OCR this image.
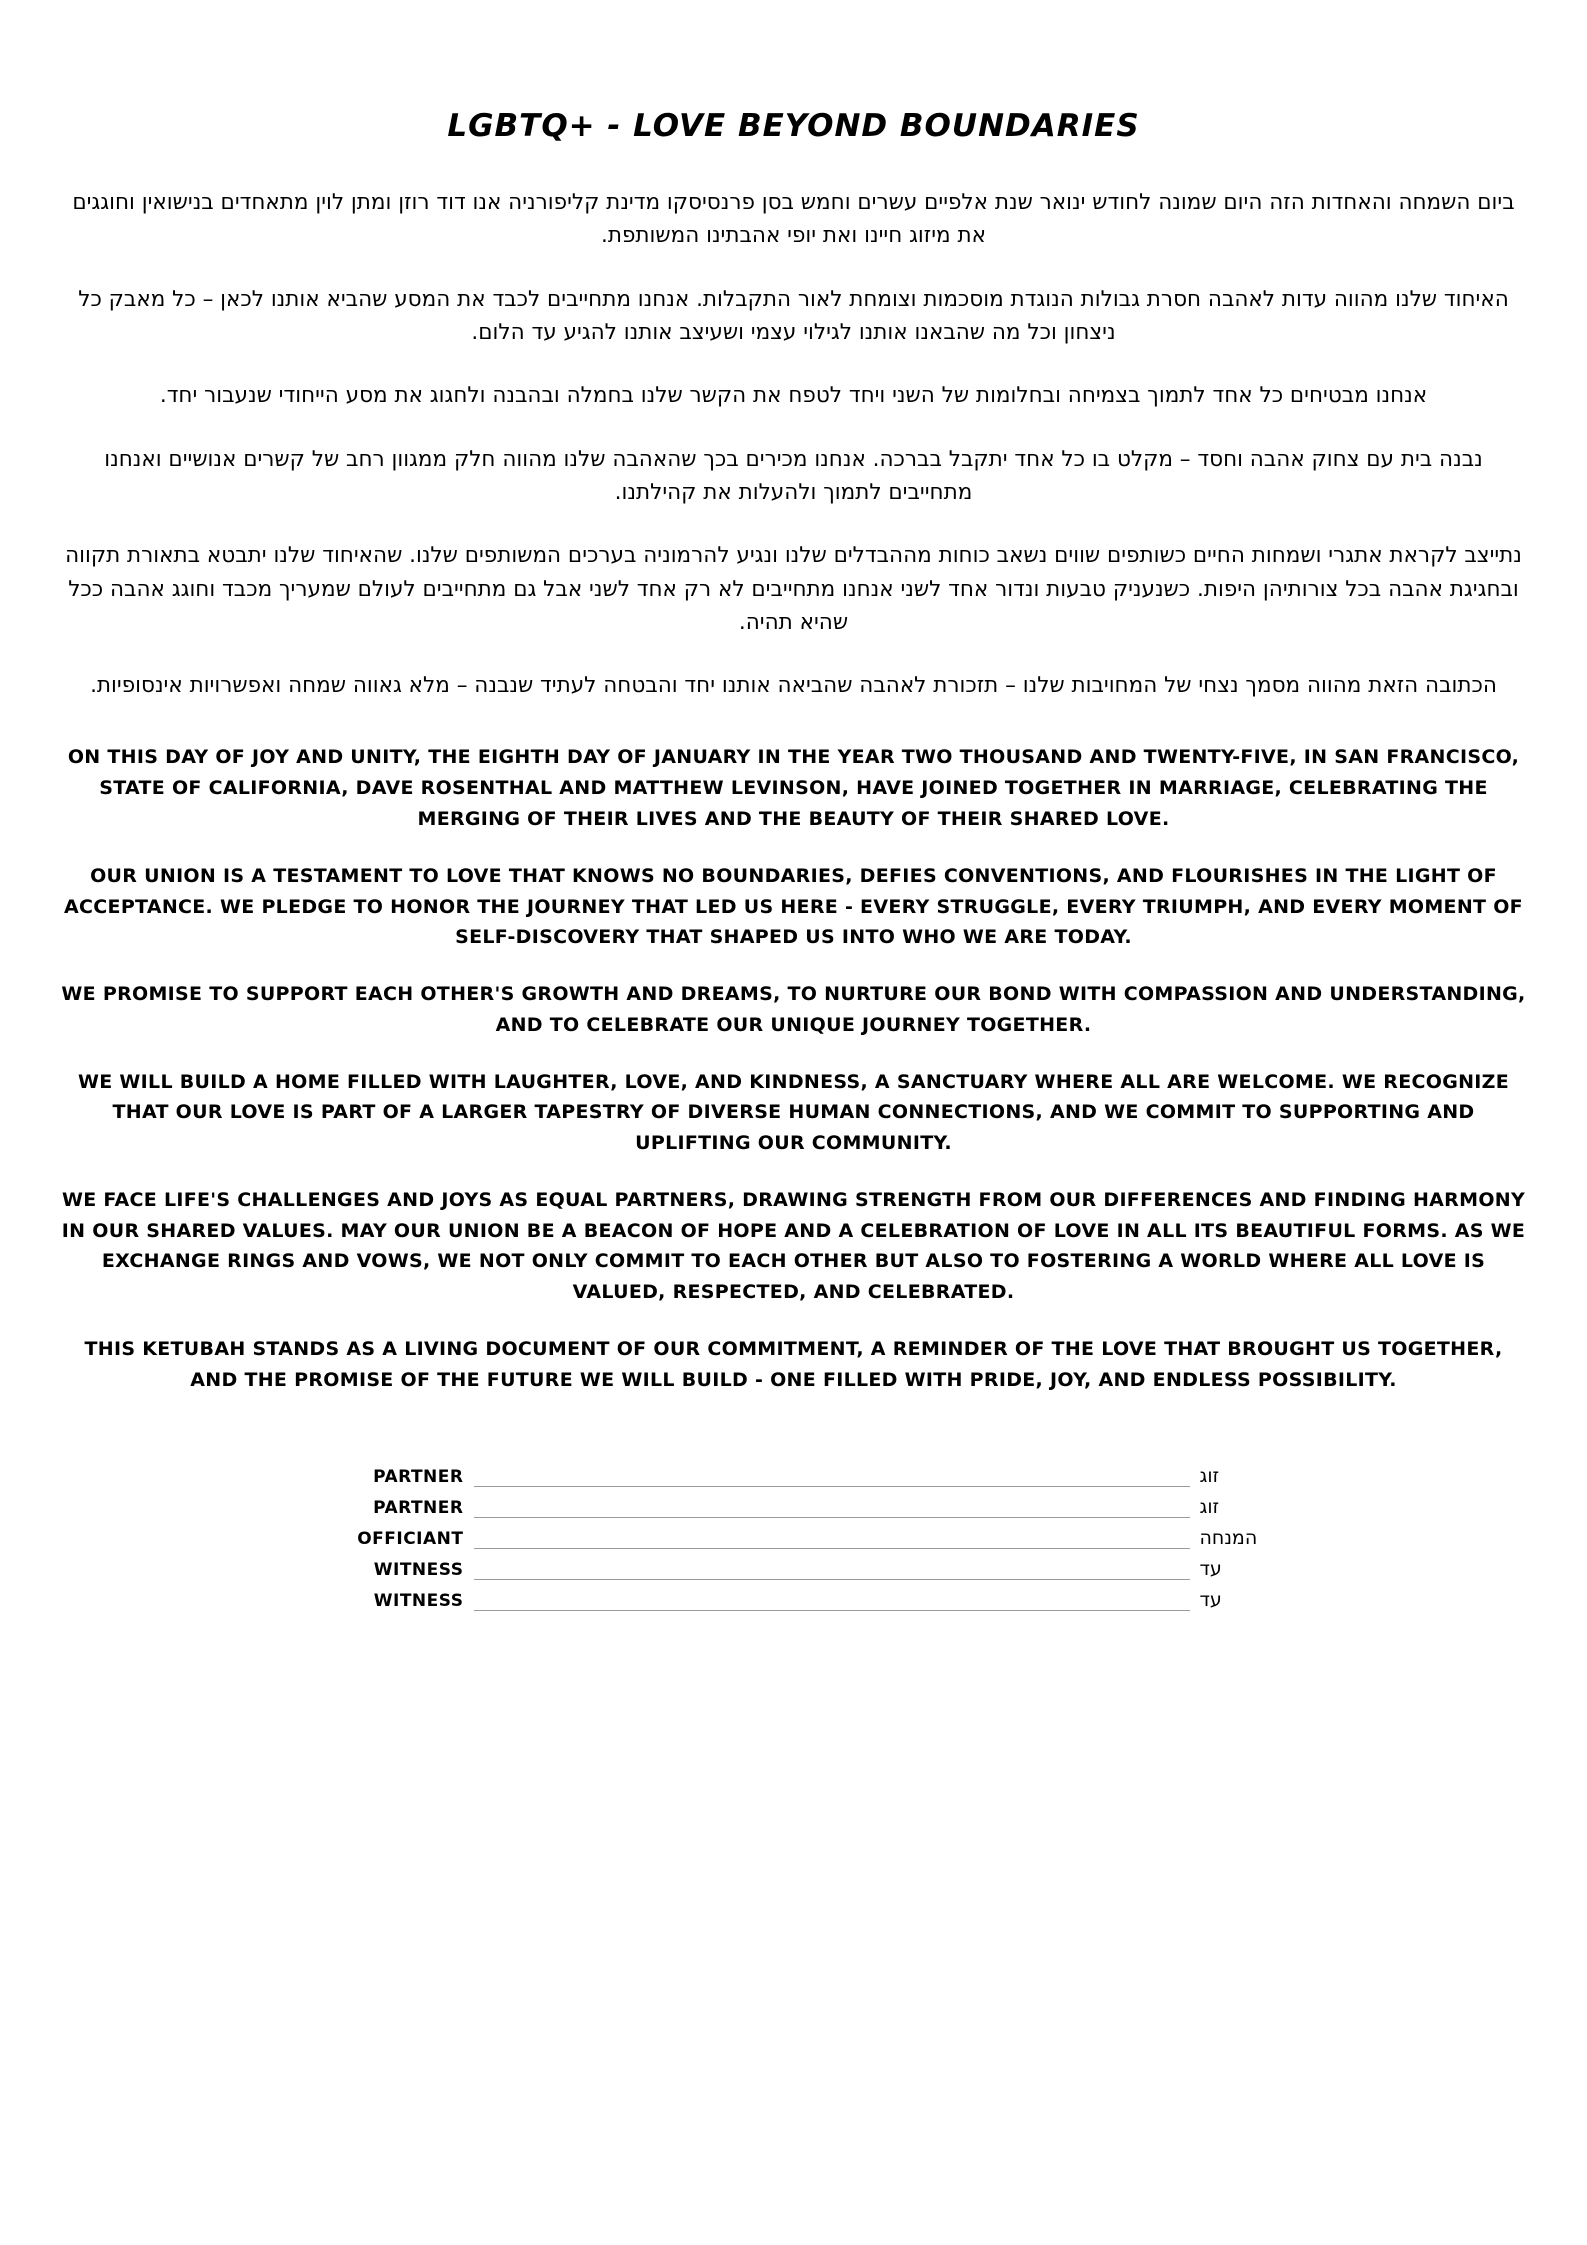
LGBTQ+ - LOVE BEYOND BOUNDARIES

ביום השמחה והאחדות הזה היום שמונה לחודש ינואר שנת אלפיים עשרים וחמש בסן פרנסיסקו מדינת קליפורניה אנו דוד רוזן ומתן לוין מתאחדים בנישואין וחוגגים את מיזוג חיינו ואת יופי אהבתינו המשותפת.

האיחוד שלנו מהווה עדות לאהבה חסרת גבולות הנוגדת מוסכמות וצומחת לאור התקבלות. אנחנו מתחייבים לכבד את המסע שהביא אותנו לכאן – כל מאבק כל ניצחון וכל מה שהבאנו אותנו לגילוי עצמי ושעיצב אותנו להגיע עד הלום.

אנחנו מבטיחים כל אחד לתמוך בצמיחה ובחלומות של השני ויחד לטפח את הקשר שלנו בחמלה ובהבנה ולחגוג את מסע הייחודי שנעבור יחד.

נבנה בית עם צחוק אהבה וחסד – מקלט בו כל אחד יתקבל בברכה. אנחנו מכירים בכך שהאהבה שלנו מהווה חלק ממגוון רחב של קשרים אנושיים ואנחנו מתחייבים לתמוך ולהעלות את קהילתנו.

נתייצב לקראת אתגרי ושמחות החיים כשותפים שווים נשאב כוחות מההבדלים שלנו ונגיע להרמוניה בערכים המשותפים שלנו. שהאיחוד שלנו יתבטא בתאורת תקווה ובחגיגת אהבה בכל צורותיהן היפות. כשנעניק טבעות ונדור אחד לשני אנחנו מתחייבים לא רק אחד לשני אבל גם מתחייבים לעולם שמעריך מכבד וחוגג אהבה ככל שהיא תהיה.

הכתובה הזאת מהווה מסמך נצחי של המחויבות שלנו – תזכורת לאהבה שהביאה אותנו יחד והבטחה לעתיד שנבנה – מלא גאווה שמחה ואפשרויות אינסופיות.

ON THIS DAY OF JOY AND UNITY, THE EIGHTH DAY OF JANUARY IN THE YEAR TWO THOUSAND AND TWENTY-FIVE, IN SAN FRANCISCO, STATE OF CALIFORNIA, DAVE ROSENTHAL AND MATTHEW LEVINSON, HAVE JOINED TOGETHER IN MARRIAGE, CELEBRATING THE MERGING OF THEIR LIVES AND THE BEAUTY OF THEIR SHARED LOVE.

OUR UNION IS A TESTAMENT TO LOVE THAT KNOWS NO BOUNDARIES, DEFIES CONVENTIONS, AND FLOURISHES IN THE LIGHT OF ACCEPTANCE. WE PLEDGE TO HONOR THE JOURNEY THAT LED US HERE - EVERY STRUGGLE, EVERY TRIUMPH, AND EVERY MOMENT OF SELF-DISCOVERY THAT SHAPED US INTO WHO WE ARE TODAY.

WE PROMISE TO SUPPORT EACH OTHER'S GROWTH AND DREAMS, TO NURTURE OUR BOND WITH COMPASSION AND UNDERSTANDING, AND TO CELEBRATE OUR UNIQUE JOURNEY TOGETHER.

WE WILL BUILD A HOME FILLED WITH LAUGHTER, LOVE, AND KINDNESS, A SANCTUARY WHERE ALL ARE WELCOME. WE RECOGNIZE THAT OUR LOVE IS PART OF A LARGER TAPESTRY OF DIVERSE HUMAN CONNECTIONS, AND WE COMMIT TO SUPPORTING AND UPLIFTING OUR COMMUNITY.

WE FACE LIFE'S CHALLENGES AND JOYS AS EQUAL PARTNERS, DRAWING STRENGTH FROM OUR DIFFERENCES AND FINDING HARMONY IN OUR SHARED VALUES. MAY OUR UNION BE A BEACON OF HOPE AND A CELEBRATION OF LOVE IN ALL ITS BEAUTIFUL FORMS. AS WE EXCHANGE RINGS AND VOWS, WE NOT ONLY COMMIT TO EACH OTHER BUT ALSO TO FOSTERING A WORLD WHERE ALL LOVE IS VALUED, RESPECTED, AND CELEBRATED.

THIS KETUBAH STANDS AS A LIVING DOCUMENT OF OUR COMMITMENT, A REMINDER OF THE LOVE THAT BROUGHT US TOGETHER, AND THE PROMISE OF THE FUTURE WE WILL BUILD - ONE FILLED WITH PRIDE, JOY, AND ENDLESS POSSIBILITY.

PARTNER	זוג
PARTNER	זוג
OFFICIANT	המנחה
WITNESS	עד
WITNESS	עד
